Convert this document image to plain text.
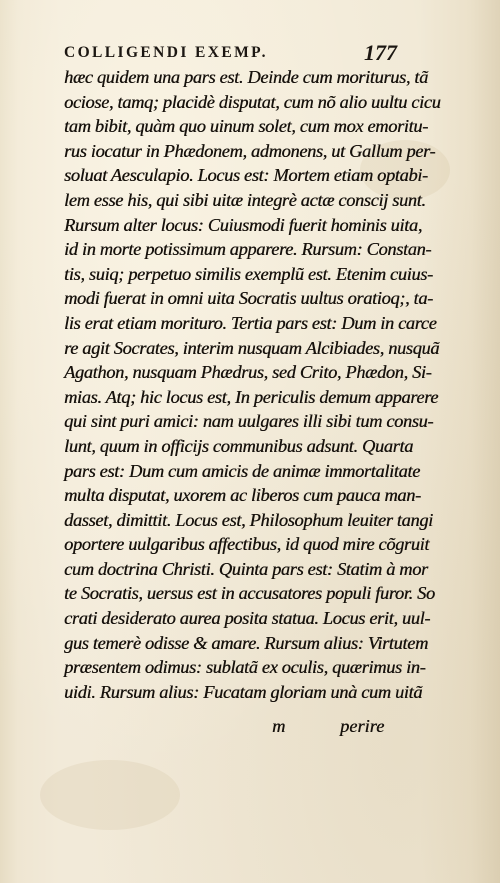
COLLIGENDI EXEMP.	177
hæc quidem una pars est. Deinde cum moriturus, tã
ociose, tamq; placidè disputat, cum nõ alio uultu cicu
tam bibit, quàm quo uinum solet, cum mox emoritu-
rus iocatur in Phædonem, admonens, ut Gallum per-
soluat Aesculapio. Locus est: Mortem etiam optabi-
lem esse his, qui sibi uitæ integrè actæ conscij sunt.
Rursum alter locus: Cuiusmodi fuerit hominis uita,
id in morte potissimum apparere. Rursum: Constan-
tis, suiq; perpetuo similis exemplũ est. Etenim cuius-
modi fuerat in omni uita Socratis uultus oratioq;, ta-
lis erat etiam morituro. Tertia pars est: Dum in carce
re agit Socrates, interim nusquam Alcibiades, nusquã
Agathon, nusquam Phædrus, sed Crito, Phædon, Si-
mias. Atq; hic locus est, In periculis demum apparere
qui sint puri amici: nam uulgares illi sibi tum consu-
lunt, quum in officijs communibus adsunt. Quarta
pars est: Dum cum amicis de animæ immortalitate
multa disputat, uxorem ac liberos cum pauca man-
dasset, dimittit. Locus est, Philosophum leuiter tangi
oportere uulgaribus affectibus, id quod mire cõgruit
cum doctrina Christi. Quinta pars est: Statim à mor
te Socratis, uersus est in accusatores populi furor. So
crati desiderato aurea posita statua. Locus erit, uul-
gus temerè odisse & amare. Rursum alius: Virtutem
præsentem odimus: sublatã ex oculis, quærimus in-
uidi. Rursum alius: Fucatam gloriam unà cum uitã
m	perire
